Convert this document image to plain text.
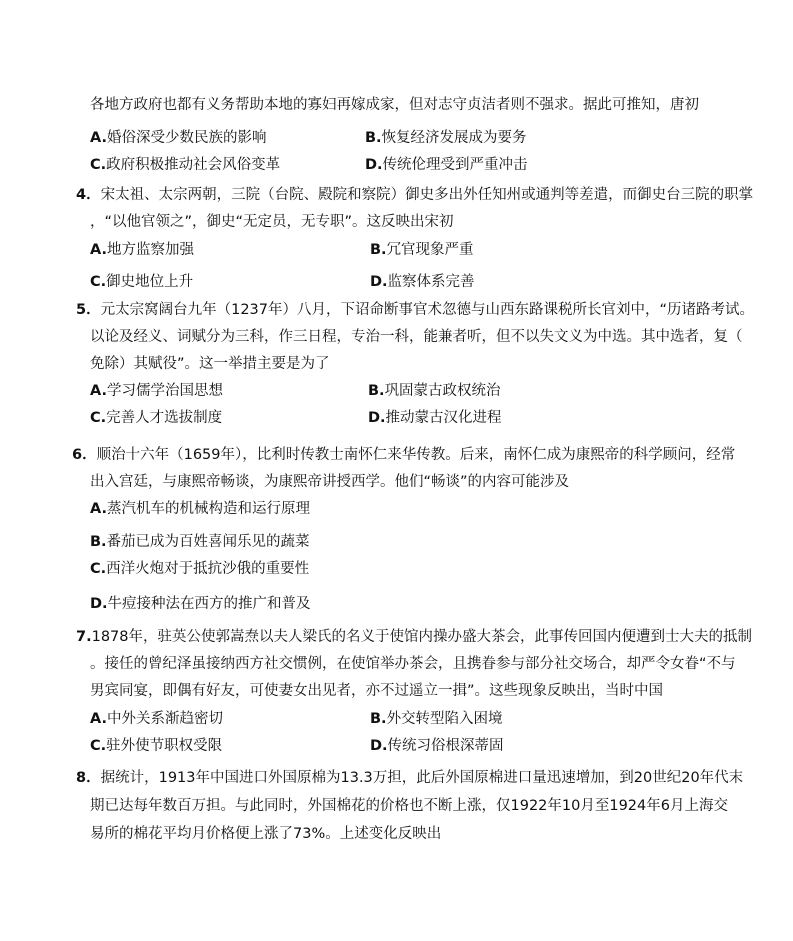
各地方政府也都有义务帮助本地的寡妇再嫁成家，但对志守贞洁者则不强求。据此可推知，唐初
A.婚俗深受少数民族的影响	B.恢复经济发展成为要务
C.政府积极推动社会风俗变革	D.传统伦理受到严重冲击
4．宋太祖、太宗两朝，三院（台院、殿院和察院）御史多出外任知州或通判等差遣，而御史台三院的职掌
，“以他官领之”，御史“无定员，无专职”。这反映出宋初
A.地方监察加强	B.冗官现象严重
C.御史地位上升	D.监察体系完善
5．元太宗窝阔台九年（1237年）八月，下诏命断事官术忽德与山西东路课税所长官刘中，“历诸路考试。
以论及经义、词赋分为三科，作三日程，专治一科，能兼者听，但不以失文义为中选。其中选者，复（
免除）其赋役”。这一举措主要是为了
A.学习儒学治国思想	B.巩固蒙古政权统治
C.完善人才选拔制度	D.推动蒙古汉化进程
6．顺治十六年（1659年），比利时传教士南怀仁来华传教。后来，南怀仁成为康熙帝的科学顾问，经常
出入宫廷，与康熙帝畅谈，为康熙帝讲授西学。他们“畅谈”的内容可能涉及
A.蒸汽机车的机械构造和运行原理
B.番茄已成为百姓喜闻乐见的蔬菜
C.西洋火炮对于抵抗沙俄的重要性
D.牛痘接种法在西方的推广和普及
7.1878年，驻英公使郭嵩焘以夫人梁氏的名义于使馆内操办盛大茶会，此事传回国内便遭到士大夫的抵制
。接任的曾纪泽虽接纳西方社交惯例，在使馆举办茶会，且携眷参与部分社交场合，却严令女眷“不与
男宾同宴，即偶有好友，可使妻女出见者，亦不过遥立一揖”。这些现象反映出，当时中国
A.中外关系渐趋密切	B.外交转型陷入困境
C.驻外使节职权受限	D.传统习俗根深蒂固
8．据统计，1913年中国进口外国原棉为13.3万担，此后外国原棉进口量迅速增加，到20世纪20年代末
期已达每年数百万担。与此同时，外国棉花的价格也不断上涨，仅1922年10月至1924年6月上海交
易所的棉花平均月价格便上涨了73%。上述变化反映出
